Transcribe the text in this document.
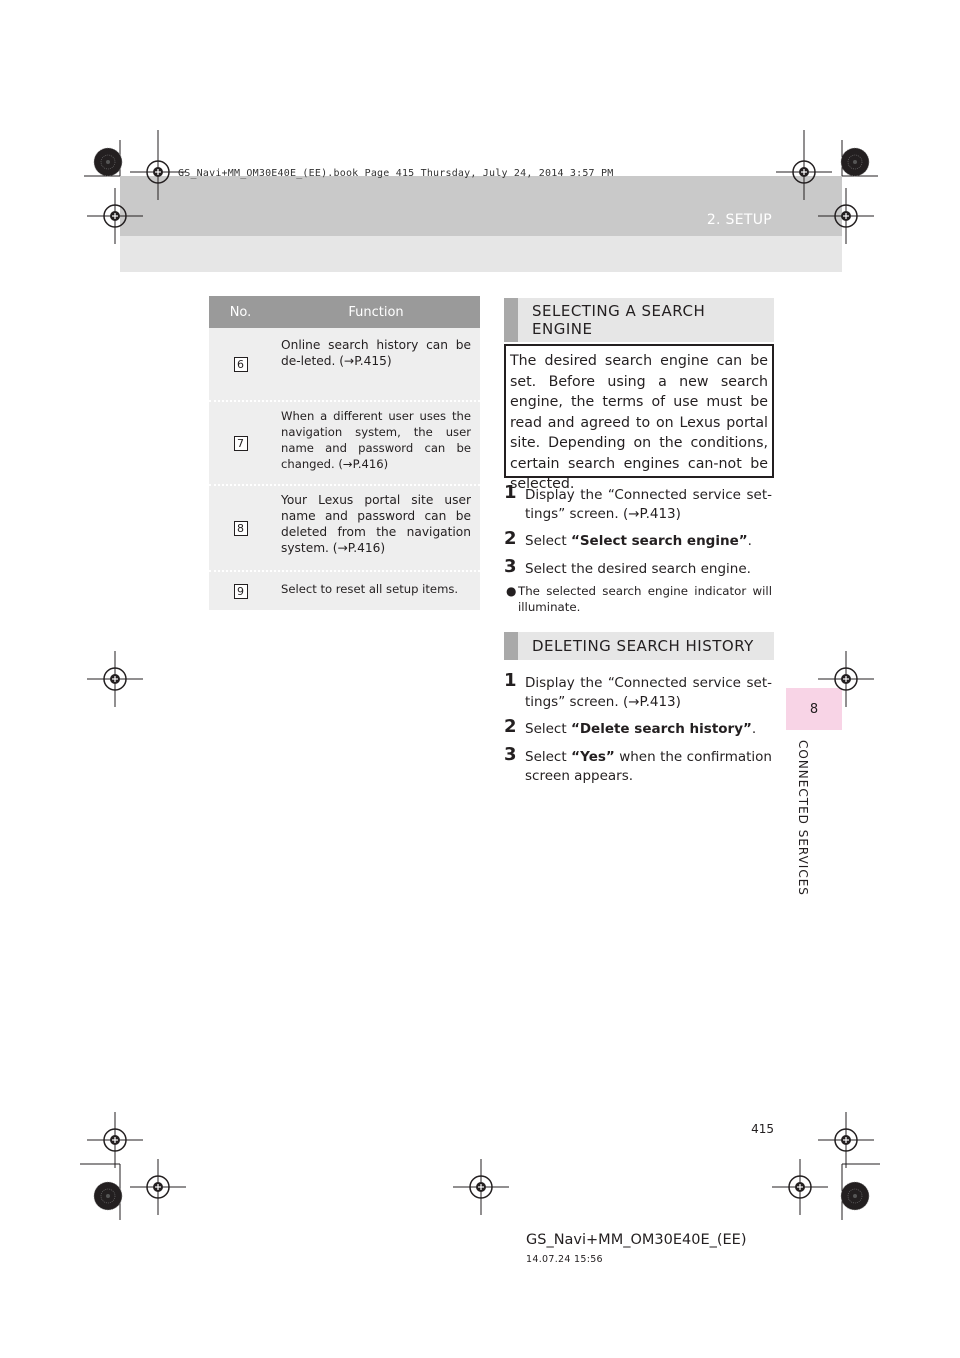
GS_Navi+MM_OM30E40E_(EE).book Page 415 Thursday, July 24, 2014 3:57 PM
2. SETUP
8
CONNECTED SERVICES
No.	Function
6
Online search history can be de-leted. (→P.415)
7
When a different user uses the navigation system, the user name and password can be changed. (→P.416)
8
Your Lexus portal site user name and password can be deleted from the navigation system. (→P.416)
9	Select to reset all setup items.
SELECTING A SEARCH ENGINE

The desired search engine can be set. Before using a new search engine, the terms of use must be read and agreed to on Lexus portal site. Depending on the conditions, certain search engines can-not be selected.

1 Display the “Connected service set-tings” screen. (→P.413)
2 Select “Select search engine”.
3 Select the desired search engine.
● The selected search engine indicator will illuminate.
DELETING SEARCH HISTORY
1 Display the “Connected service set-tings” screen. (→P.413)
2 Select “Delete search history”.
3 Select “Yes” when the confirmation screen appears.
415
GS_Navi+MM_OM30E40E_(EE)
14.07.24 15:56
